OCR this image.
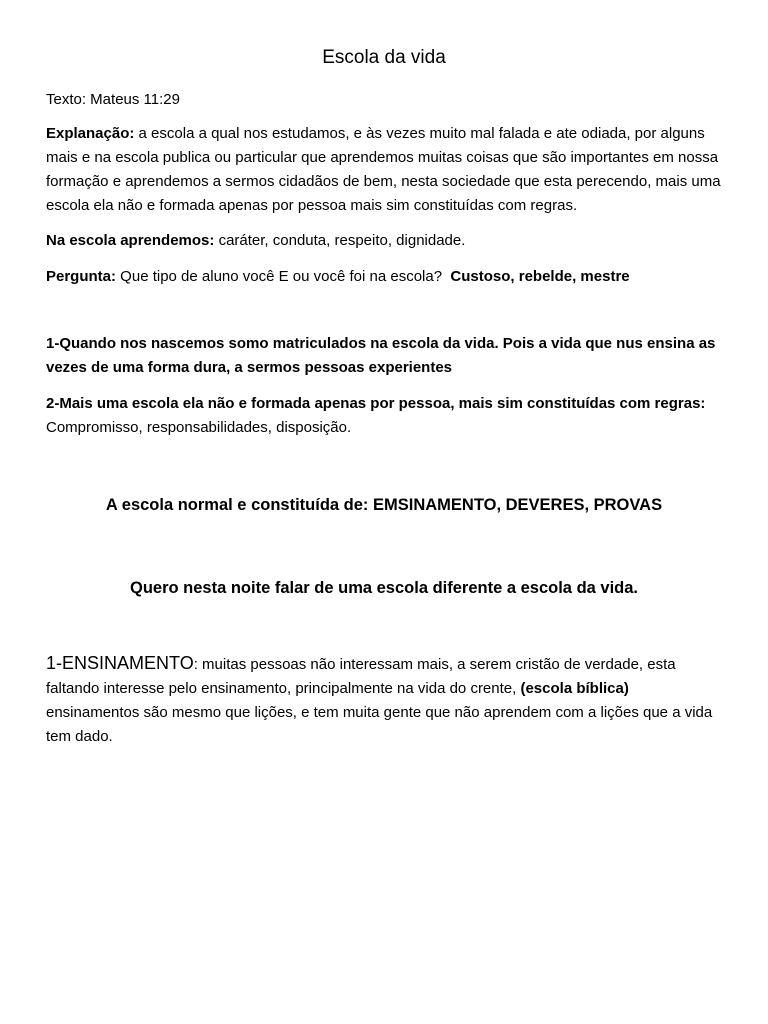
Escola da vida

Texto: Mateus 11:29

Explanação: a escola a qual nos estudamos, e às vezes muito mal falada e ate odiada, por alguns mais e na escola publica ou particular que aprendemos muitas coisas que são importantes em nossa formação e aprendemos a sermos cidadãos de bem, nesta sociedade que esta perecendo, mais uma escola ela não e formada apenas por pessoa mais sim constituídas com regras.

Na escola aprendemos: caráter, conduta, respeito, dignidade.

Pergunta: Que tipo de aluno você E ou você foi na escola?  Custoso, rebelde, mestre

1-Quando nos nascemos somo matriculados na escola da vida. Pois a vida que nus ensina as vezes de uma forma dura, a sermos pessoas experientes

2-Mais uma escola ela não e formada apenas por pessoa, mais sim constituídas com regras: Compromisso, responsabilidades, disposição.

A escola normal e constituída de: EMSINAMENTO, DEVERES, PROVAS

Quero nesta noite falar de uma escola diferente a escola da vida.

1-ENSINAMENTO: muitas pessoas não interessam mais, a serem cristão de verdade, esta faltando interesse pelo ensinamento, principalmente na vida do crente, (escola bíblica) ensinamentos são mesmo que lições, e tem muita gente que não aprendem com a lições que a vida tem dado.
